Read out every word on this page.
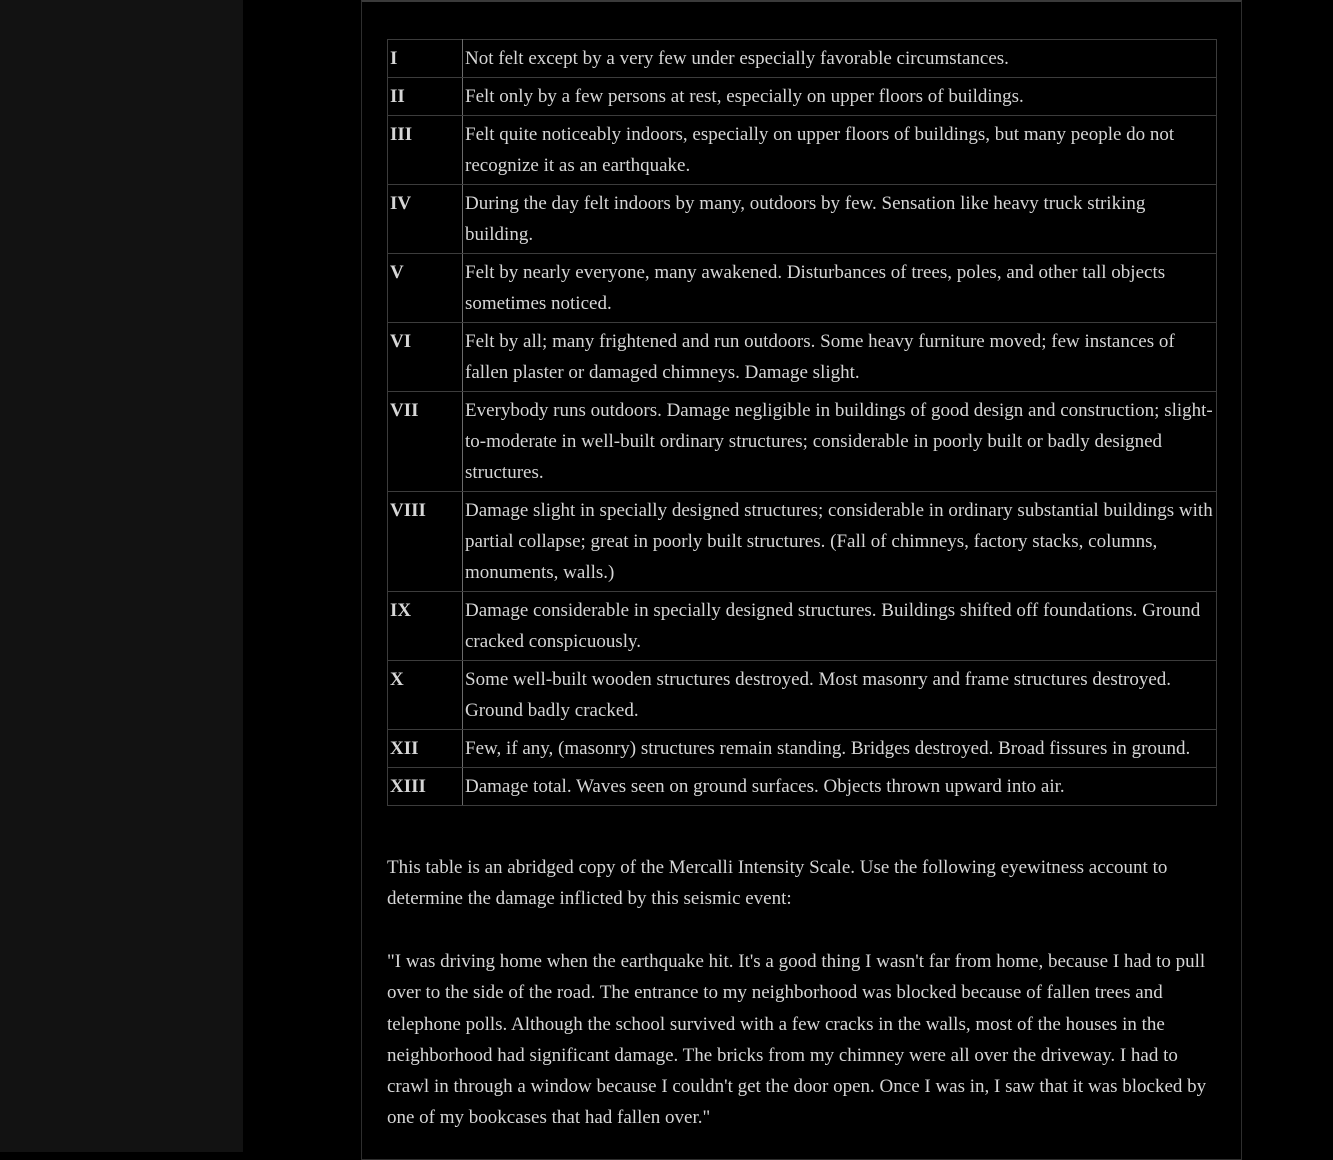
I	Not felt except by a very few under especially favorable circumstances.
II	Felt only by a few persons at rest, especially on upper floors of buildings.
III	Felt quite noticeably indoors, especially on upper floors of buildings, but many people do not recognize it as an earthquake.
IV	During the day felt indoors by many, outdoors by few. Sensation like heavy truck striking building.
V	Felt by nearly everyone, many awakened. Disturbances of trees, poles, and other tall objects sometimes noticed.
VI	Felt by all; many frightened and run outdoors. Some heavy furniture moved; few instances of fallen plaster or damaged chimneys. Damage slight.
VII	Everybody runs outdoors. Damage negligible in buildings of good design and construction; slight-to-moderate in well-built ordinary structures; considerable in poorly built or badly designed structures.
VIII	Damage slight in specially designed structures; considerable in ordinary substantial buildings with partial collapse; great in poorly built structures. (Fall of chimneys, factory stacks, columns, monuments, walls.)
IX	Damage considerable in specially designed structures. Buildings shifted off foundations. Ground cracked conspicuously.
X	Some well-built wooden structures destroyed. Most masonry and frame structures destroyed. Ground badly cracked.
XII	Few, if any, (masonry) structures remain standing. Bridges destroyed. Broad fissures in ground.
XIII	Damage total. Waves seen on ground surfaces. Objects thrown upward into air.

This table is an abridged copy of the Mercalli Intensity Scale. Use the following eyewitness account to determine the damage inflicted by this seismic event:

"I was driving home when the earthquake hit. It's a good thing I wasn't far from home, because I had to pull over to the side of the road. The entrance to my neighborhood was blocked because of fallen trees and telephone polls. Although the school survived with a few cracks in the walls, most of the houses in the neighborhood had significant damage. The bricks from my chimney were all over the driveway. I had to crawl in through a window because I couldn't get the door open. Once I was in, I saw that it was blocked by one of my bookcases that had fallen over."
